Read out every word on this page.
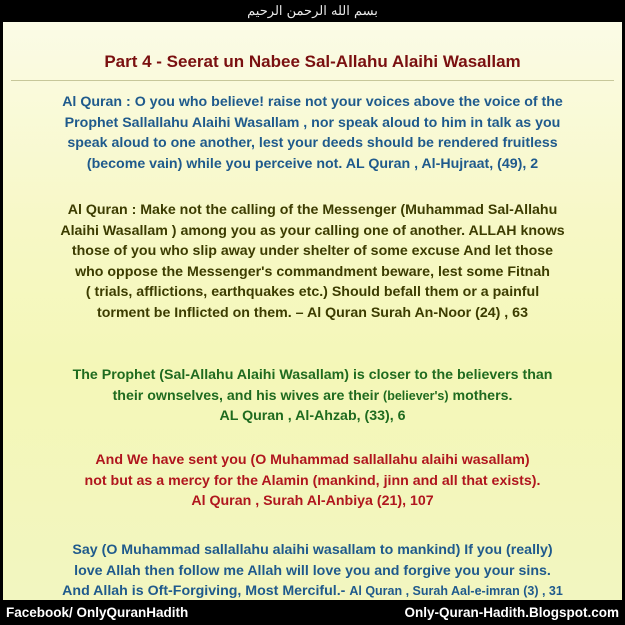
بسم الله الرحمن الرحيم
Part 4 - Seerat un Nabee Sal-Allahu Alaihi Wasallam
Al Quran : O you who believe! raise not your voices above the voice of the
Prophet Sallallahu Alaihi Wasallam , nor speak aloud to him in talk as you
speak aloud to one another, lest your deeds should be rendered fruitless
(become vain) while you perceive not. AL Quran , Al-Hujraat, (49), 2
Al Quran : Make not the calling of the Messenger (Muhammad Sal-Allahu
Alaihi Wasallam ) among you as your calling one of another. ALLAH knows
those of you who slip away under shelter of some excuse And let those
who oppose the Messenger's commandment beware, lest some Fitnah
( trials, afflictions, earthquakes etc.) Should befall them or a painful
torment be Inflicted on them. – Al Quran Surah An-Noor (24) , 63
The Prophet (Sal-Allahu Alaihi Wasallam) is closer to the believers than
their ownselves, and his wives are their (believer's) mothers.
AL Quran , Al-Ahzab, (33), 6
And We have sent you (O Muhammad sallallahu alaihi wasallam)
not but as a mercy for the Alamin (mankind, jinn and all that exists).
Al Quran , Surah Al-Anbiya (21), 107
Say (O Muhammad sallallahu alaihi wasallam to mankind) If you (really)
love Allah then follow me Allah will love you and forgive you your sins.
And Allah is Oft-Forgiving, Most Merciful.- Al Quran , Surah Aal-e-imran (3) , 31
Facebook/ OnlyQuranHadith	Only-Quran-Hadith.Blogspot.com
